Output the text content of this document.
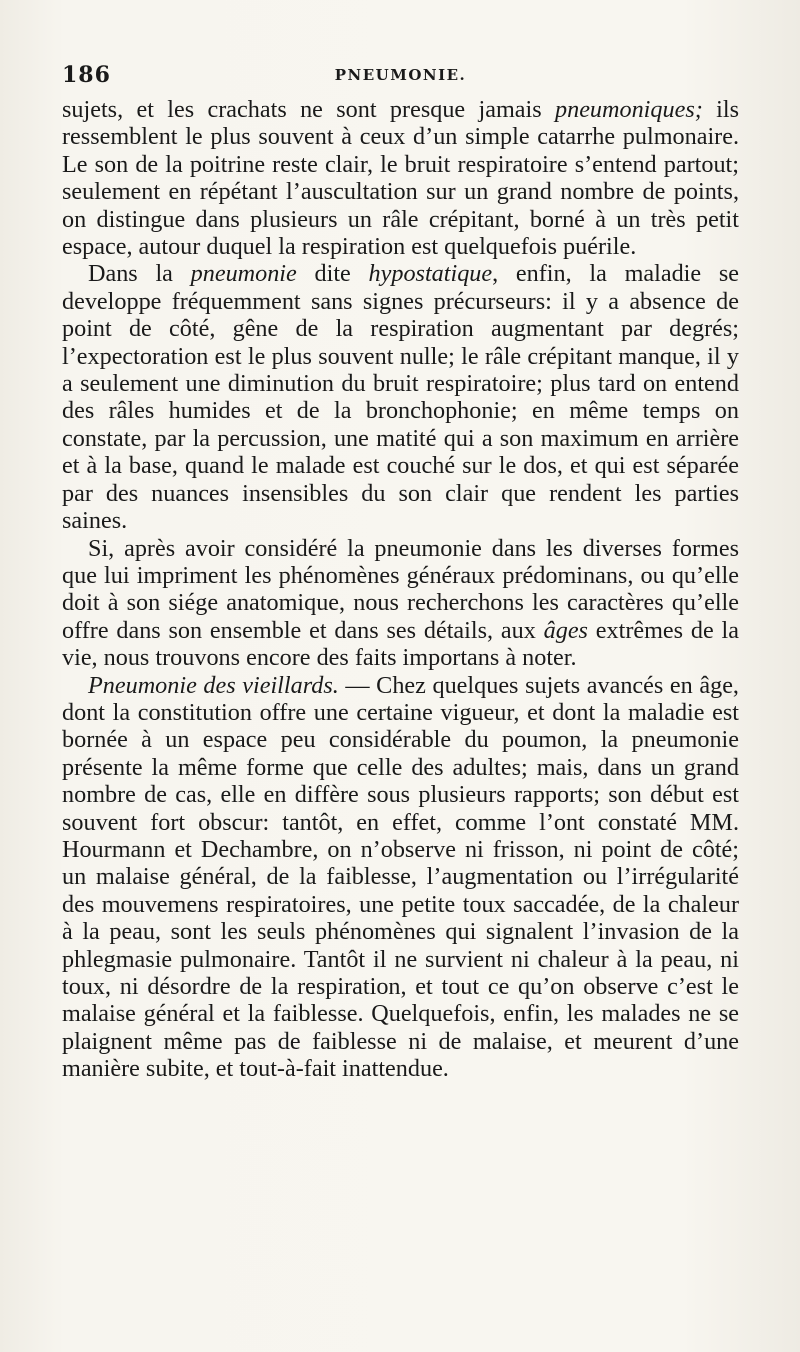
186	PNEUMONIE.

sujets, et les crachats ne sont presque jamais pneumoniques; ils ressemblent le plus souvent à ceux d’un simple catarrhe pulmonaire. Le son de la poitrine reste clair, le bruit respiratoire s’entend partout; seulement en répétant l’auscultation sur un grand nombre de points, on distingue dans plusieurs un râle crépitant, borné à un très petit espace, autour duquel la respiration est quelquefois puérile.

Dans la pneumonie dite hypostatique, enfin, la maladie se developpe fréquemment sans signes précurseurs: il y a absence de point de côté, gêne de la respiration augmentant par degrés; l’expectoration est le plus souvent nulle; le râle crépitant manque, il y a seulement une diminution du bruit respiratoire; plus tard on entend des râles humides et de la bronchophonie; en même temps on constate, par la percussion, une matité qui a son maximum en arrière et à la base, quand le malade est couché sur le dos, et qui est séparée par des nuances insensibles du son clair que rendent les parties saines.

Si, après avoir considéré la pneumonie dans les diverses formes que lui impriment les phénomènes généraux prédominans, ou qu’elle doit à son siége anatomique, nous recherchons les caractères qu’elle offre dans son ensemble et dans ses détails, aux âges extrêmes de la vie, nous trouvons encore des faits importans à noter.

Pneumonie des vieillards. — Chez quelques sujets avancés en âge, dont la constitution offre une certaine vigueur, et dont la maladie est bornée à un espace peu considérable du poumon, la pneumonie présente la même forme que celle des adultes; mais, dans un grand nombre de cas, elle en diffère sous plusieurs rapports; son début est souvent fort obscur: tantôt, en effet, comme l’ont constaté MM. Hourmann et Dechambre, on n’observe ni frisson, ni point de côté; un malaise général, de la faiblesse, l’augmentation ou l’irrégularité des mouvemens respiratoires, une petite toux saccadée, de la chaleur à la peau, sont les seuls phénomènes qui signalent l’invasion de la phlegmasie pulmonaire. Tantôt il ne survient ni chaleur à la peau, ni toux, ni désordre de la respiration, et tout ce qu’on observe c’est le malaise général et la faiblesse. Quelquefois, enfin, les malades ne se plaignent même pas de faiblesse ni de malaise, et meurent d’une manière subite, et tout-à-fait inattendue.
